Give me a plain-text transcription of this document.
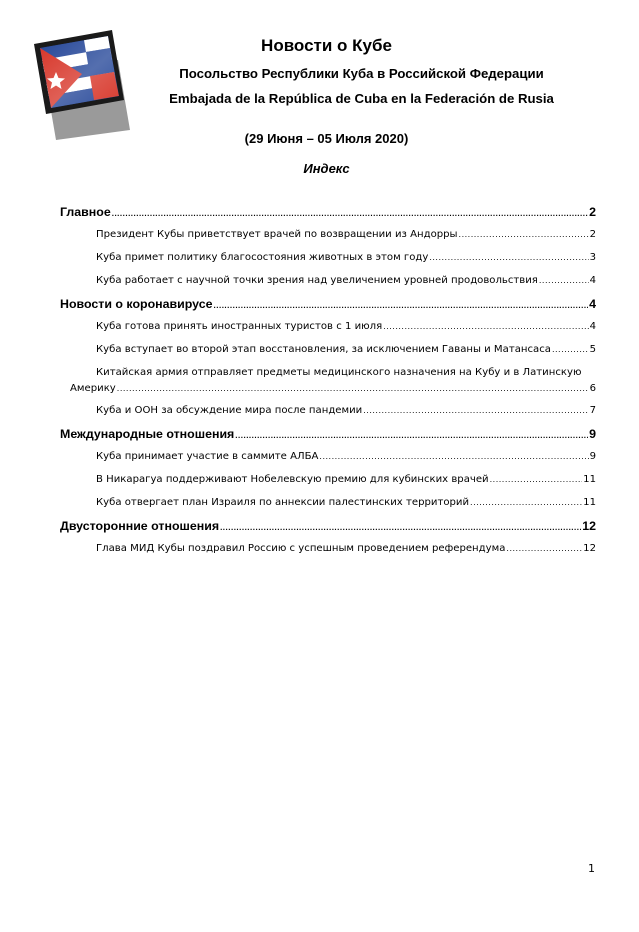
Новости о Кубе
Посольство Республики Куба в Российской Федерации
Embajada de la República de Cuba en la Federación de Rusia
(29 Июня – 05 Июля 2020)
Индекс
Главное .....	2
Президент Кубы приветствует врачей по возвращении из Андорры .....	2
Куба примет политику благосостояния животных в этом году .....	3
Куба работает с научной точки зрения над увеличением уровней продовольствия .....	4
Новости о коронавирусе .....	4
Куба готова принять иностранных туристов с 1 июля .....	4
Куба вступает во второй этап восстановления, за исключением Гаваны и Матансаса .....	5
Китайская армия отправляет предметы медицинского назначения на Кубу и в Латинскую
Америку .....	6
Куба и ООН за обсуждение мира после пандемии .....	7
Международные отношения .....	9
Куба принимает участие в саммите АЛБА .....	9
В Никарагуа поддерживают Нобелевскую премию для кубинских врачей .....	11
Куба отвергает план Израиля по аннексии палестинских территорий .....	11
Двусторонние отношения .....	12
Глава МИД Кубы поздравил Россию с успешным проведением референдума .....	12
1
